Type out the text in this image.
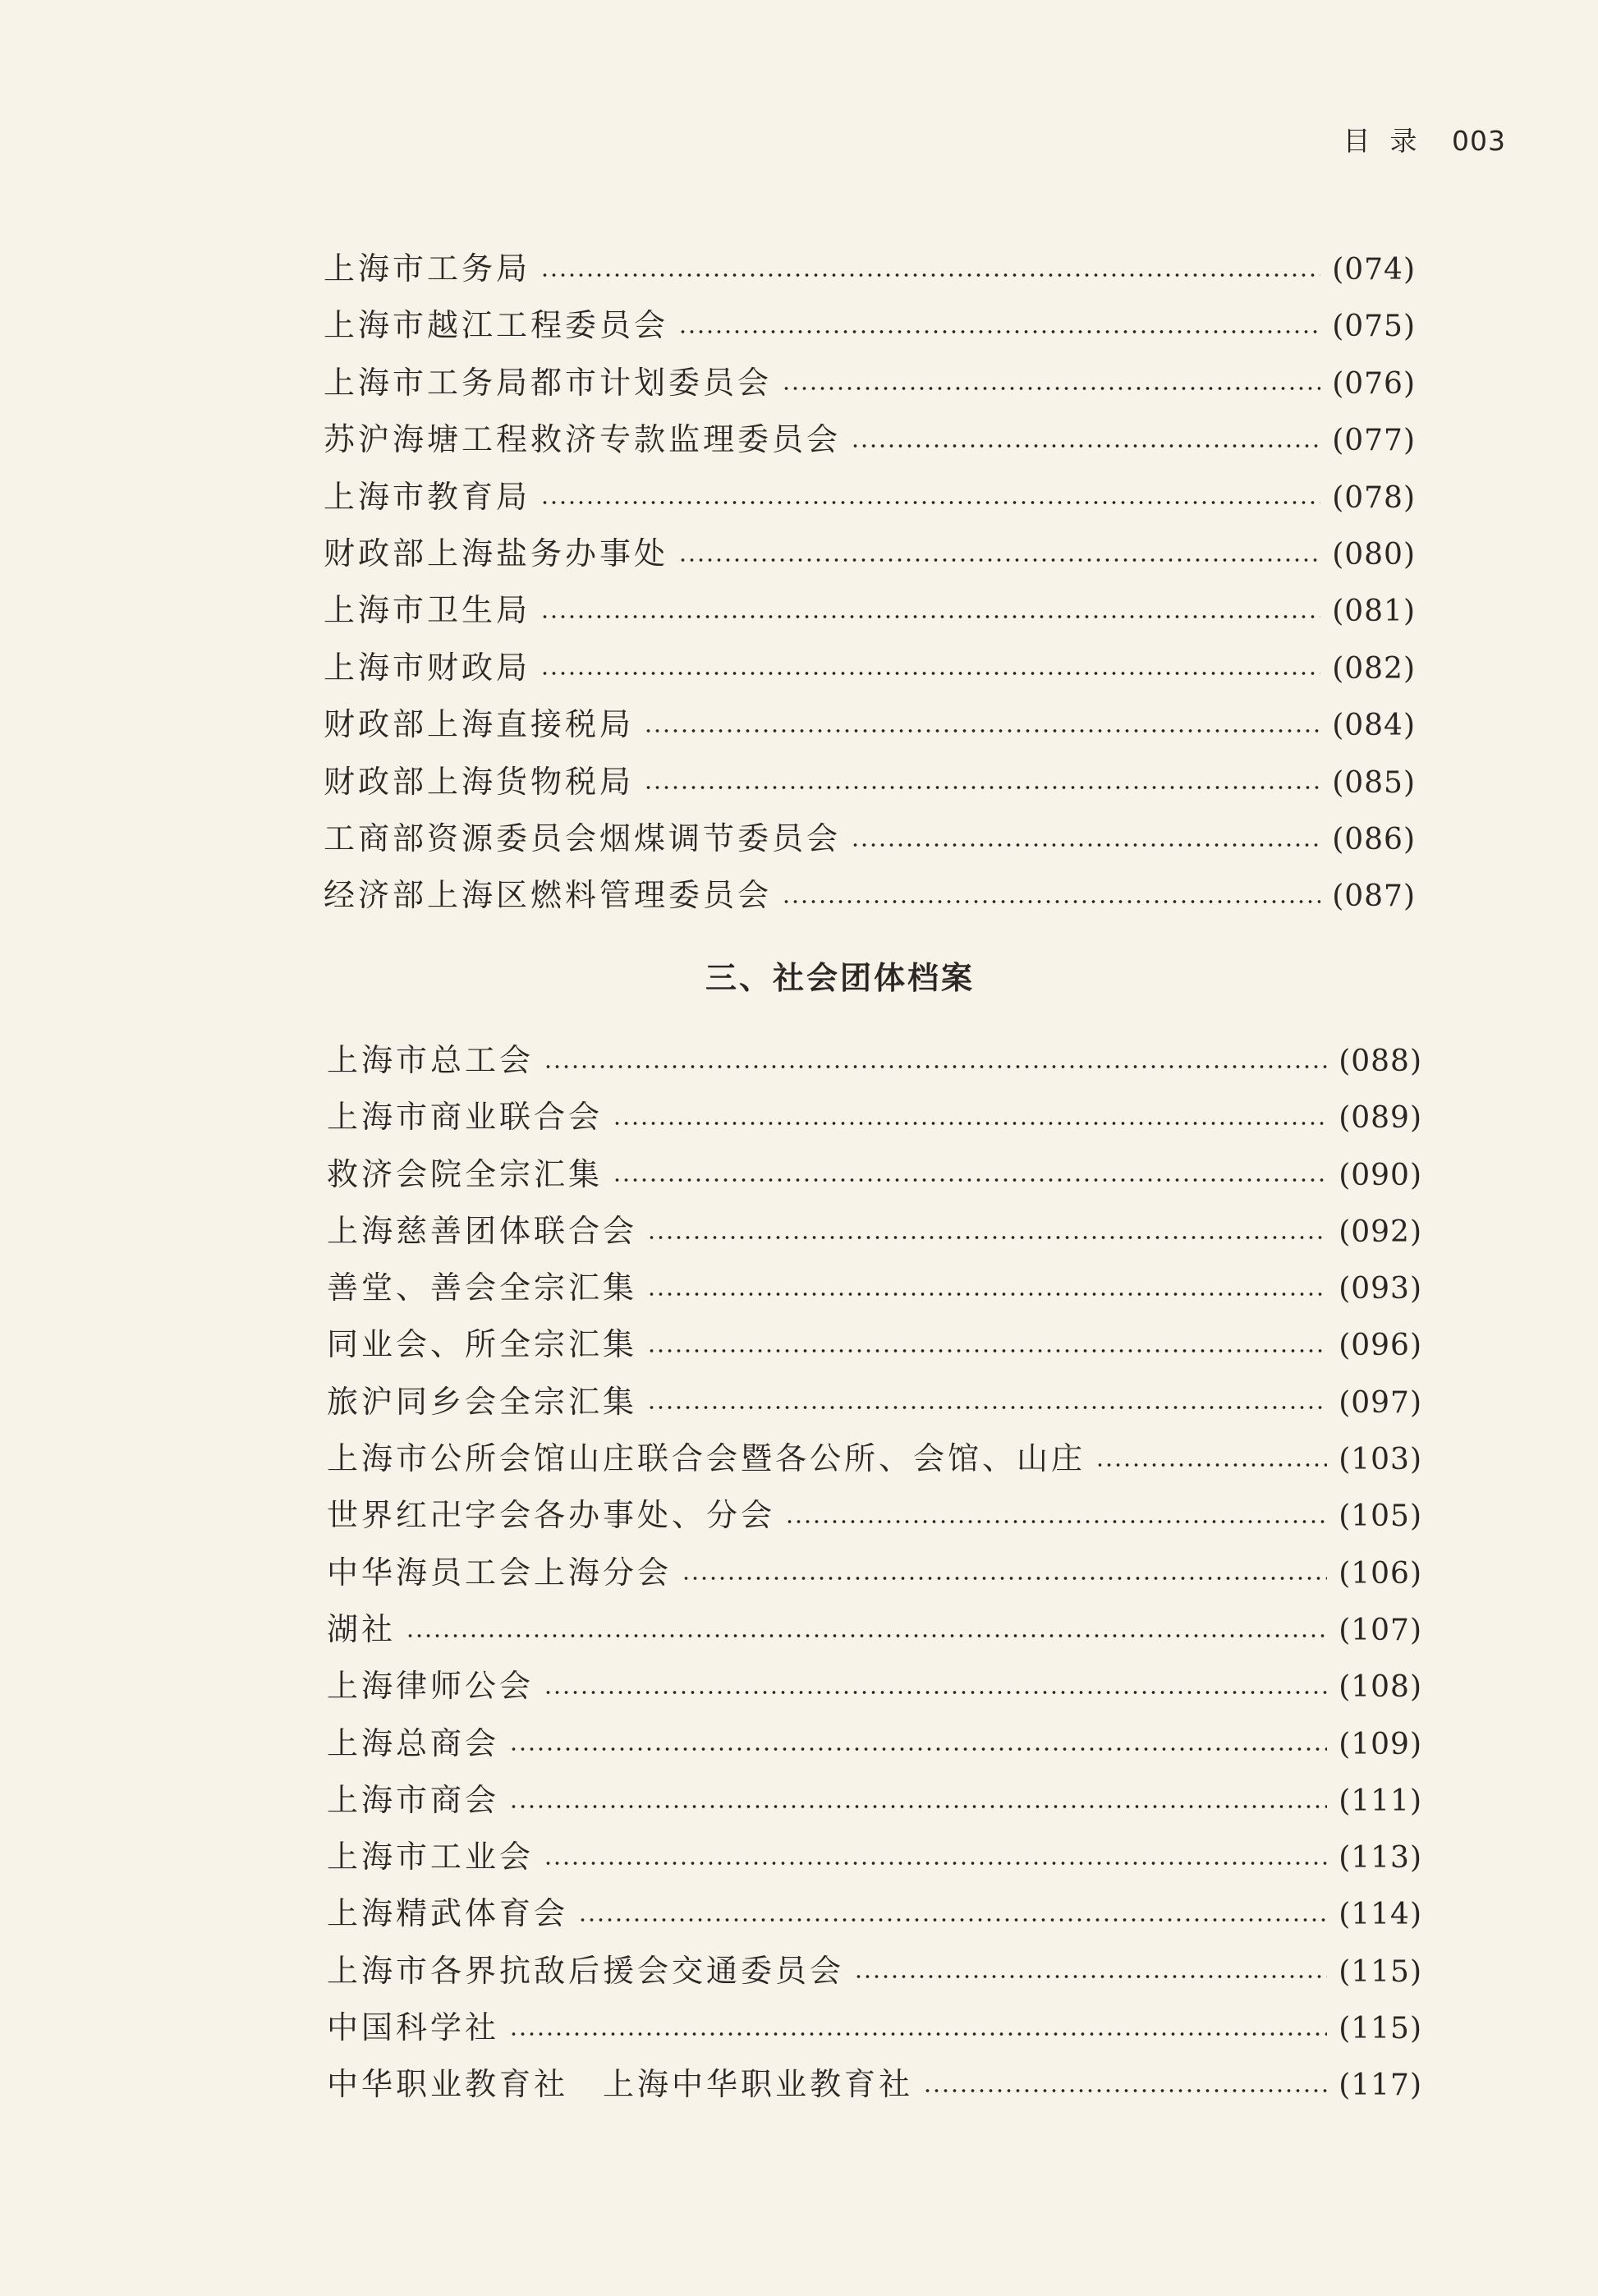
目录 003
上海市工务局	(074)
上海市越江工程委员会	(075)
上海市工务局都市计划委员会	(076)
苏沪海塘工程救济专款监理委员会	(077)
上海市教育局	(078)
财政部上海盐务办事处	(080)
上海市卫生局	(081)
上海市财政局	(082)
财政部上海直接税局	(084)
财政部上海货物税局	(085)
工商部资源委员会烟煤调节委员会	(086)
经济部上海区燃料管理委员会	(087)
三、社会团体档案
上海市总工会	(088)
上海市商业联合会	(089)
救济会院全宗汇集	(090)
上海慈善团体联合会	(092)
善堂、善会全宗汇集	(093)
同业会、所全宗汇集	(096)
旅沪同乡会全宗汇集	(097)
上海市公所会馆山庄联合会暨各公所、会馆、山庄	(103)
世界红卍字会各办事处、分会	(105)
中华海员工会上海分会	(106)
湖社	(107)
上海律师公会	(108)
上海总商会	(109)
上海市商会	(111)
上海市工业会	(113)
上海精武体育会	(114)
上海市各界抗敌后援会交通委员会	(115)
中国科学社	(115)
中华职业教育社　上海中华职业教育社	(117)
